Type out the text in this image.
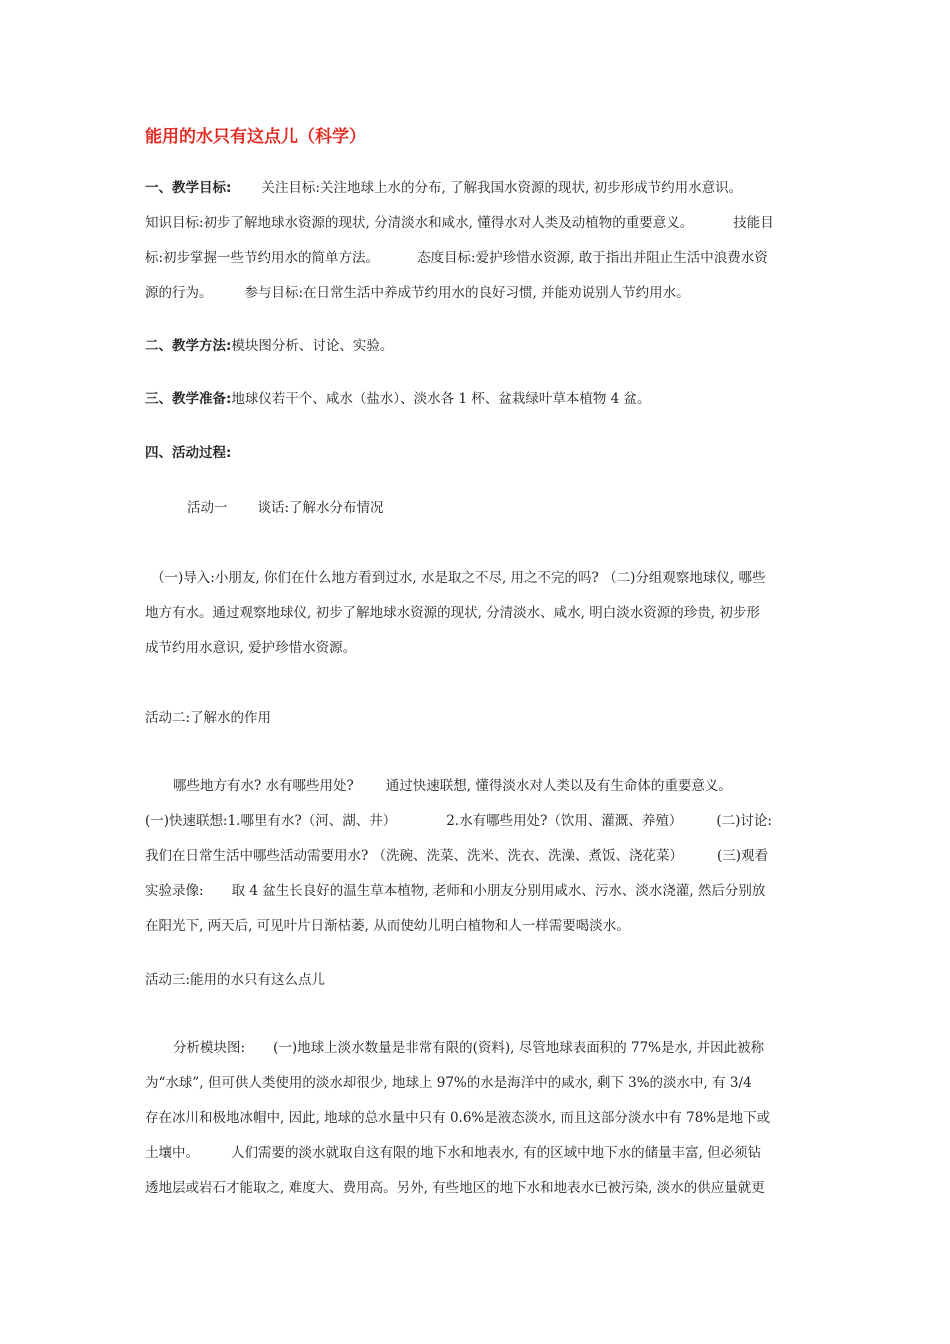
能用的水只有这点儿（科学）
一、教学目标: 关注目标:关注地球上水的分布, 了解我国水资源的现状, 初步形成节约用水意识。
知识目标:初步了解地球水资源的现状, 分清淡水和咸水, 懂得水对人类及动植物的重要意义。	技能目
标:初步掌握一些节约用水的简单方法。	态度目标:爱护珍惜水资源, 敢于指出并阻止生活中浪费水资
源的行为。 参与目标:在日常生活中养成节约用水的良好习惯, 并能劝说别人节约用水。
二、教学方法:模块图分析、讨论、实验。
三、教学准备:地球仪若干个、咸水（盐水）、淡水各 1 杯、盆栽绿叶草本植物 4 盆。
四、活动过程:
活动一 谈话:了解水分布情况
（一)导入:小朋友, 你们在什么地方看到过水, 水是取之不尽, 用之不完的吗? （二)分组观察地球仪, 哪些
地方有水。通过观察地球仪, 初步了解地球水资源的现状, 分清淡水、咸水, 明白淡水资源的珍贵, 初步形
成节约用水意识, 爱护珍惜水资源。
活动二:了解水的作用
哪些地方有水? 水有哪些用处? 通过快速联想, 懂得淡水对人类以及有生命体的重要意义。
(一)快速联想:1.哪里有水?（河、湖、井）	2.水有哪些用处?（饮用、灌溉、养殖）	(二)讨论:
我们在日常生活中哪些活动需要用水? （洗碗、洗菜、洗米、洗衣、洗澡、煮饭、浇花菜）	(三)观看
实验录像: 取 4 盆生长良好的温生草本植物, 老师和小朋友分别用咸水、污水、淡水浇灌, 然后分别放
在阳光下, 两天后, 可见叶片日渐枯萎, 从而使幼儿明白植物和人一样需要喝淡水。
活动三:能用的水只有这么点儿
分析模块图: (一)地球上淡水数量是非常有限的(资料), 尽管地球表面积的 77%是水, 并因此被称
为“水球”, 但可供人类使用的淡水却很少, 地球上 97%的水是海洋中的咸水, 剩下 3%的淡水中, 有 3/4
存在冰川和极地冰帽中, 因此, 地球的总水量中只有 0.6%是液态淡水, 而且这部分淡水中有 78%是地下或
土壤中。 人们需要的淡水就取自这有限的地下水和地表水, 有的区域中地下水的储量丰富, 但必须钻
透地层或岩石才能取之, 难度大、费用高。另外, 有些地区的地下水和地表水已被污染, 淡水的供应量就更
